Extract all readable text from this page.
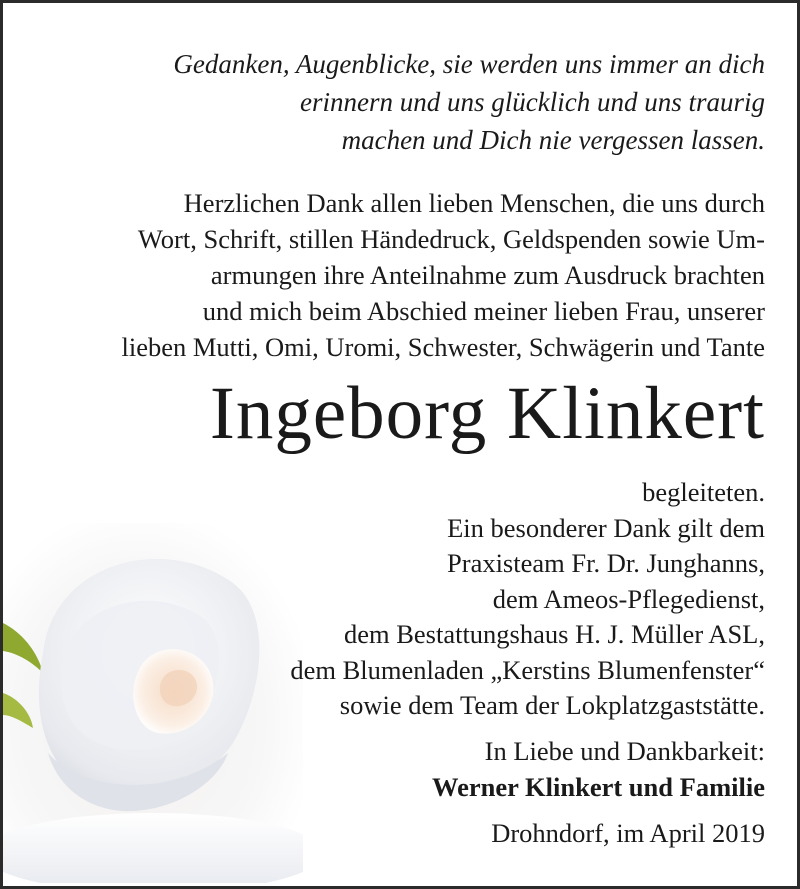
Gedanken, Augenblicke, sie werden uns immer an dich
erinnern und uns glücklich und uns traurig
machen und Dich nie vergessen lassen.
Herzlichen Dank allen lieben Menschen, die uns durch
Wort, Schrift, stillen Händedruck, Geldspenden sowie Um-
armungen ihre Anteilnahme zum Ausdruck brachten
und mich beim Abschied meiner lieben Frau, unserer
lieben Mutti, Omi, Uromi, Schwester, Schwägerin und Tante
Ingeborg Klinkert
begleiteten.
Ein besonderer Dank gilt dem
Praxisteam Fr. Dr. Junghanns,
dem Ameos-Pflegedienst,
dem Bestattungshaus H. J. Müller ASL,
dem Blumenladen „Kerstins Blumenfenster“
sowie dem Team der Lokplatzgaststätte.
In Liebe und Dankbarkeit:
Werner Klinkert und Familie
Drohndorf, im April 2019
